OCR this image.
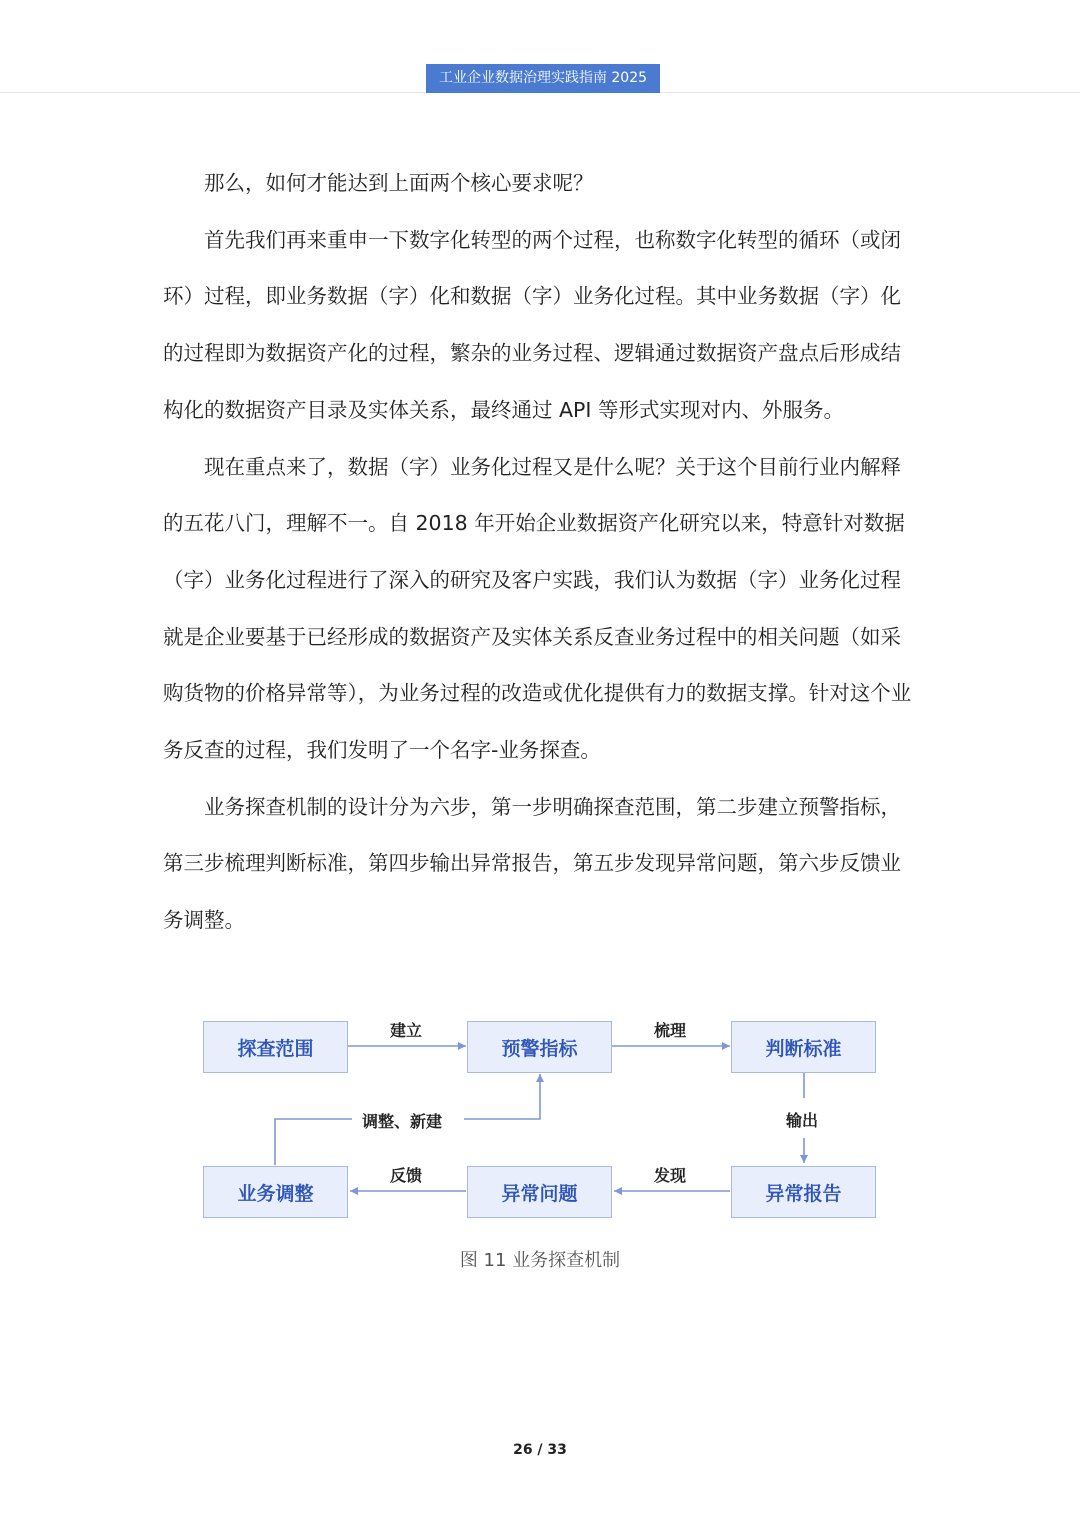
工业企业数据治理实践指南 2025

那么，如何才能达到上面两个核心要求呢？

首先我们再来重申一下数字化转型的两个过程，也称数字化转型的循环（或闭环）过程，即业务数据（字）化和数据（字）业务化过程。其中业务数据（字）化的过程即为数据资产化的过程，繁杂的业务过程、逻辑通过数据资产盘点后形成结构化的数据资产目录及实体关系，最终通过 API 等形式实现对内、外服务。

现在重点来了，数据（字）业务化过程又是什么呢？关于这个目前行业内解释的五花八门，理解不一。自 2018 年开始企业数据资产化研究以来，特意针对数据（字）业务化过程进行了深入的研究及客户实践，我们认为数据（字）业务化过程就是企业要基于已经形成的数据资产及实体关系反查业务过程中的相关问题（如采购货物的价格异常等），为业务过程的改造或优化提供有力的数据支撑。针对这个业务反查的过程，我们发明了一个名字-业务探查。

业务探查机制的设计分为六步，第一步明确探查范围，第二步建立预警指标，第三步梳理判断标准，第四步输出异常报告，第五步发现异常问题，第六步反馈业务调整。

探查范围	预警指标	判断标准
异常报告
异常问题
业务调整
建立	梳理
输出
发现
反馈
调整、新建
图 11 业务探查机制
26 / 33
